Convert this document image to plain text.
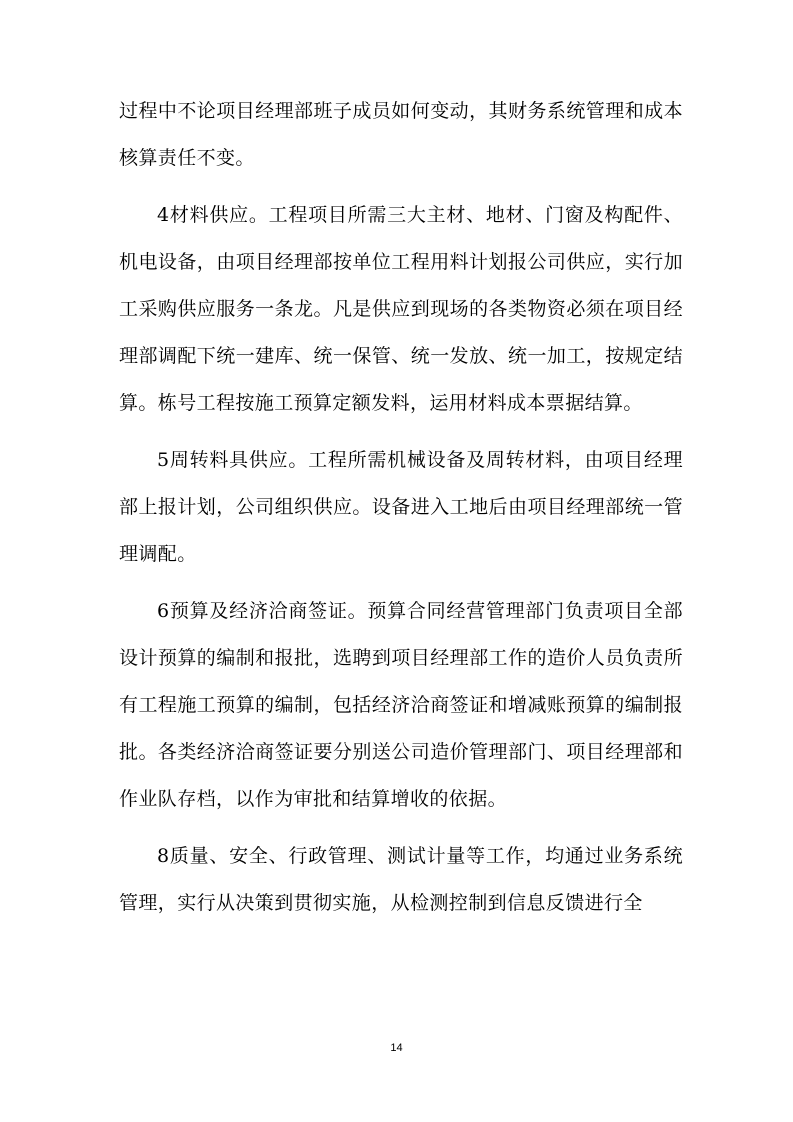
过程中不论项目经理部班子成员如何变动，其财务系统管理和成本核算责任不变。

4材料供应。工程项目所需三大主材、地材、门窗及构配件、机电设备，由项目经理部按单位工程用料计划报公司供应，实行加工采购供应服务一条龙。凡是供应到现场的各类物资必须在项目经理部调配下统一建库、统一保管、统一发放、统一加工，按规定结算。栋号工程按施工预算定额发料，运用材料成本票据结算。

5周转料具供应。工程所需机械设备及周转材料，由项目经理部上报计划，公司组织供应。设备进入工地后由项目经理部统一管理调配。

6预算及经济洽商签证。预算合同经营管理部门负责项目全部设计预算的编制和报批，选聘到项目经理部工作的造价人员负责所有工程施工预算的编制，包括经济洽商签证和增减账预算的编制报批。各类经济洽商签证要分别送公司造价管理部门、项目经理部和作业队存档，以作为审批和结算增收的依据。

8质量、安全、行政管理、测试计量等工作，均通过业务系统管理，实行从决策到贯彻实施，从检测控制到信息反馈进行全

14
